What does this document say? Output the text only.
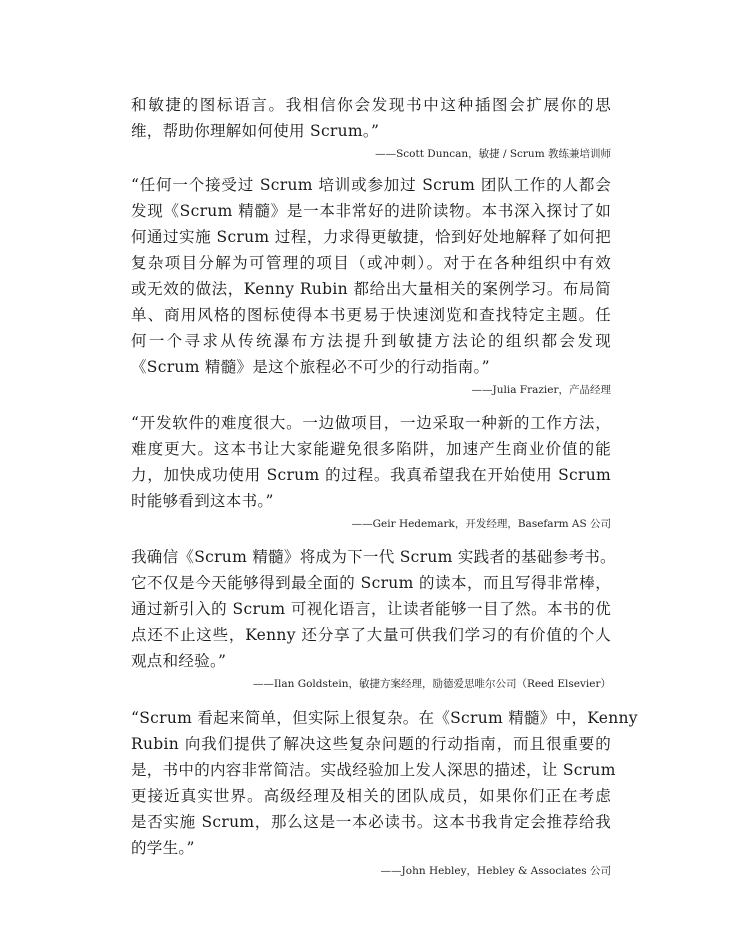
和敏捷的图标语言。我相信你会发现书中这种插图会扩展你的思
维，帮助你理解如何使用 Scrum。”

——Scott Duncan，敏捷 / Scrum 教练兼培训师

“任何一个接受过 Scrum 培训或参加过 Scrum 团队工作的人都会
发现《Scrum 精髓》是一本非常好的进阶读物。本书深入探讨了如
何通过实施 Scrum 过程，力求得更敏捷，恰到好处地解释了如何把
复杂项目分解为可管理的项目（或冲刺）。对于在各种组织中有效
或无效的做法，Kenny Rubin 都给出大量相关的案例学习。布局简
单、商用风格的图标使得本书更易于快速浏览和查找特定主题。任
何一个寻求从传统瀑布方法提升到敏捷方法论的组织都会发现
《Scrum 精髓》是这个旅程必不可少的行动指南。”

——Julia Frazier，产品经理

“开发软件的难度很大。一边做项目，一边采取一种新的工作方法，
难度更大。这本书让大家能避免很多陷阱，加速产生商业价值的能
力，加快成功使用 Scrum 的过程。我真希望我在开始使用 Scrum
时能够看到这本书。”

——Geir Hedemark，开发经理，Basefarm AS 公司

我确信《Scrum 精髓》将成为下一代 Scrum 实践者的基础参考书。
它不仅是今天能够得到最全面的 Scrum 的读本，而且写得非常棒，
通过新引入的 Scrum 可视化语言，让读者能够一目了然。本书的优
点还不止这些，Kenny 还分享了大量可供我们学习的有价值的个人
观点和经验。”

——Ilan Goldstein，敏捷方案经理，励德爱思唯尔公司（Reed Elsevier）

“Scrum 看起来简单，但实际上很复杂。在《Scrum 精髓》中，Kenny
Rubin 向我们提供了解决这些复杂问题的行动指南，而且很重要的
是，书中的内容非常简洁。实战经验加上发人深思的描述，让 Scrum
更接近真实世界。高级经理及相关的团队成员，如果你们正在考虑
是否实施 Scrum，那么这是一本必读书。这本书我肯定会推荐给我
的学生。”

——John Hebley，Hebley & Associates 公司
